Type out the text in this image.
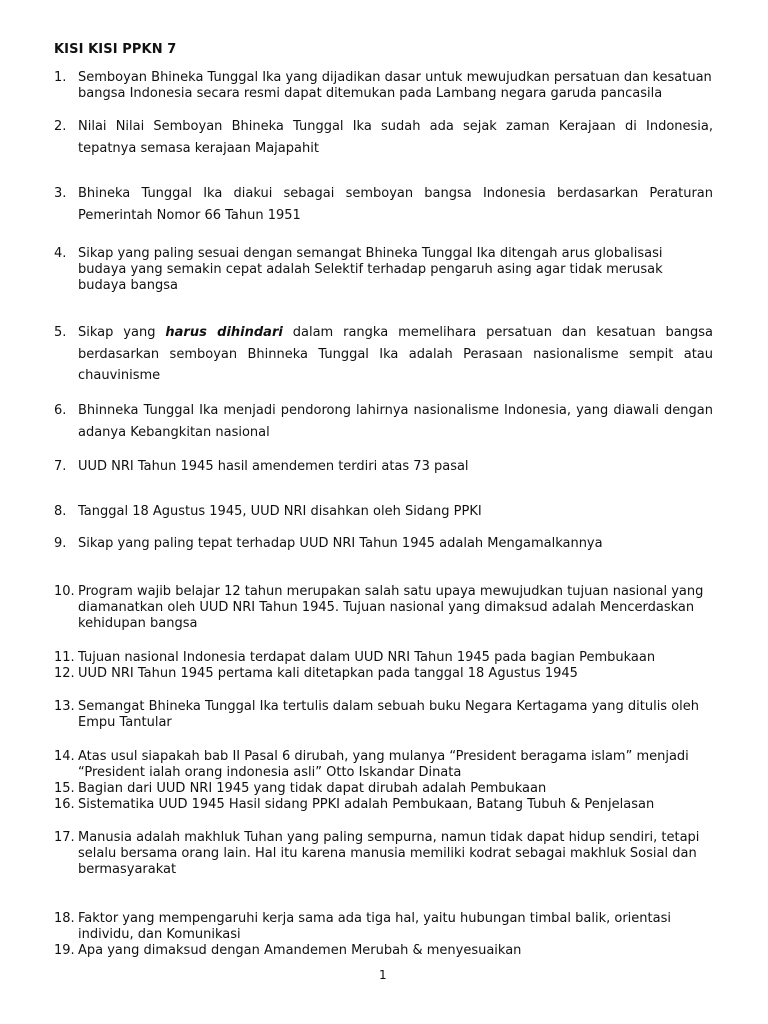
KISI KISI PPKN 7
1. Semboyan Bhineka Tunggal Ika yang dijadikan dasar untuk mewujudkan persatuan dan kesatuan bangsa Indonesia secara resmi dapat ditemukan pada Lambang negara garuda pancasila
2. Nilai Nilai Semboyan Bhineka Tunggal Ika sudah ada sejak zaman Kerajaan di Indonesia, tepatnya semasa kerajaan Majapahit
3. Bhineka Tunggal Ika diakui sebagai semboyan bangsa Indonesia berdasarkan Peraturan Pemerintah Nomor 66 Tahun 1951
4. Sikap yang paling sesuai dengan semangat Bhineka Tunggal Ika ditengah arus globalisasi budaya yang semakin cepat adalah Selektif terhadap pengaruh asing agar tidak merusak budaya bangsa
5. Sikap yang harus dihindari dalam rangka memelihara persatuan dan kesatuan bangsa berdasarkan semboyan Bhinneka Tunggal Ika adalah Perasaan nasionalisme sempit atau chauvinisme
6. Bhinneka Tunggal Ika menjadi pendorong lahirnya nasionalisme Indonesia, yang diawali dengan adanya Kebangkitan nasional
7. UUD NRI Tahun 1945 hasil amendemen terdiri atas 73 pasal
8. Tanggal 18 Agustus 1945, UUD NRI disahkan oleh Sidang PPKI
9. Sikap yang paling tepat terhadap UUD NRI Tahun 1945 adalah Mengamalkannya
10. Program wajib belajar 12 tahun merupakan salah satu upaya mewujudkan tujuan nasional yang diamanatkan oleh UUD NRI Tahun 1945. Tujuan nasional yang dimaksud adalah Mencerdaskan kehidupan bangsa
11. Tujuan nasional Indonesia terdapat dalam UUD NRI Tahun 1945 pada bagian Pembukaan
12. UUD NRI Tahun 1945 pertama kali ditetapkan pada tanggal 18 Agustus 1945
13. Semangat Bhineka Tunggal Ika tertulis dalam sebuah buku Negara Kertagama yang ditulis oleh Empu Tantular
14. Atas usul siapakah bab II Pasal 6 dirubah, yang mulanya “President beragama islam” menjadi “President ialah orang indonesia asli” Otto Iskandar Dinata
15. Bagian dari UUD NRI 1945 yang tidak dapat dirubah adalah Pembukaan
16. Sistematika UUD 1945 Hasil sidang PPKI adalah Pembukaan, Batang Tubuh & Penjelasan
17. Manusia adalah makhluk Tuhan yang paling sempurna, namun tidak dapat hidup sendiri, tetapi selalu bersama orang lain. Hal itu karena manusia memiliki kodrat sebagai makhluk Sosial dan bermasyarakat
18. Faktor yang mempengaruhi kerja sama ada tiga hal, yaitu hubungan timbal balik, orientasi individu, dan Komunikasi
19. Apa yang dimaksud dengan Amandemen Merubah & menyesuaikan
1
